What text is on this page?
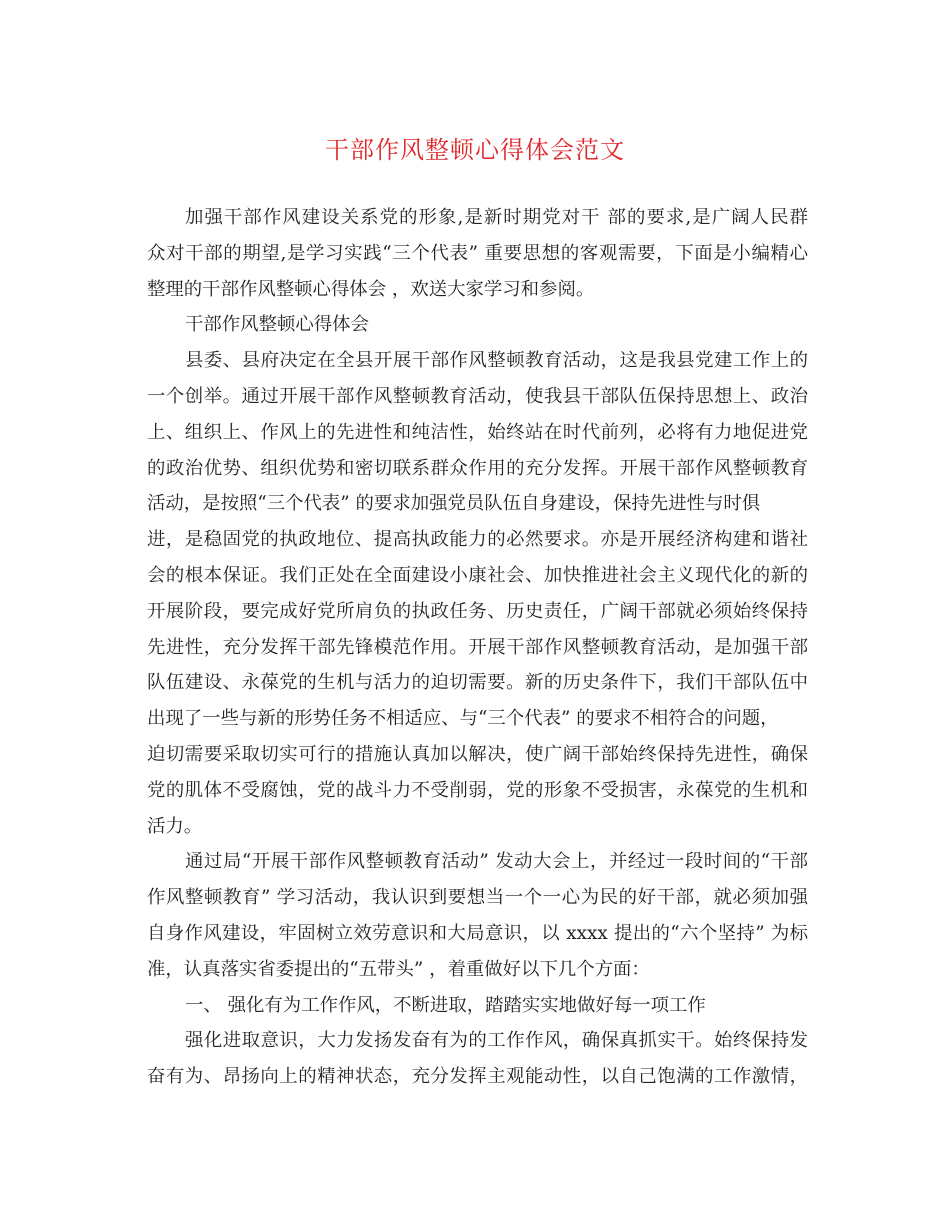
干部作风整顿心得体会范文
加强干部作风建设关系党的形象,是新时期党对干 部的要求,是广阔人民群
众对干部的期望,是学习实践“三个代表” 重要思想的客观需要，下面是小编精心
整理的干部作风整顿心得体会 ，欢送大家学习和参阅。
干部作风整顿心得体会
县委、县府决定在全县开展干部作风整顿教育活动，这是我县党建工作上的
一个创举。通过开展干部作风整顿教育活动，使我县干部队伍保持思想上、政治
上、组织上、作风上的先进性和纯洁性，始终站在时代前列，必将有力地促进党
的政治优势、组织优势和密切联系群众作用的充分发挥。开展干部作风整顿教育
活动，是按照“三个代表” 的要求加强党员队伍自身建设，保持先进性与时俱
进，是稳固党的执政地位、提高执政能力的必然要求。亦是开展经济构建和谐社
会的根本保证。我们正处在全面建设小康社会、加快推进社会主义现代化的新的
开展阶段，要完成好党所肩负的执政任务、历史责任，广阔干部就必须始终保持
先进性，充分发挥干部先锋模范作用。开展干部作风整顿教育活动，是加强干部
队伍建设、永葆党的生机与活力的迫切需要。新的历史条件下，我们干部队伍中
出现了一些与新的形势任务不相适应、与“三个代表” 的要求不相符合的问题，
迫切需要采取切实可行的措施认真加以解决，使广阔干部始终保持先进性，确保
党的肌体不受腐蚀，党的战斗力不受削弱，党的形象不受损害，永葆党的生机和
活力。
通过局“开展干部作风整顿教育活动” 发动大会上，并经过一段时间的“干部
作风整顿教育” 学习活动，我认识到要想当一个一心为民的好干部，就必须加强
自身作风建设，牢固树立效劳意识和大局意识，以 xxxx 提出的“六个坚持” 为标
准，认真落实省委提出的“五带头” ，着重做好以下几个方面：
一、 强化有为工作作风，不断进取，踏踏实实地做好每一项工作
强化进取意识，大力发扬发奋有为的工作作风，确保真抓实干。始终保持发
奋有为、昂扬向上的精神状态，充分发挥主观能动性，以自己饱满的工作激情，
